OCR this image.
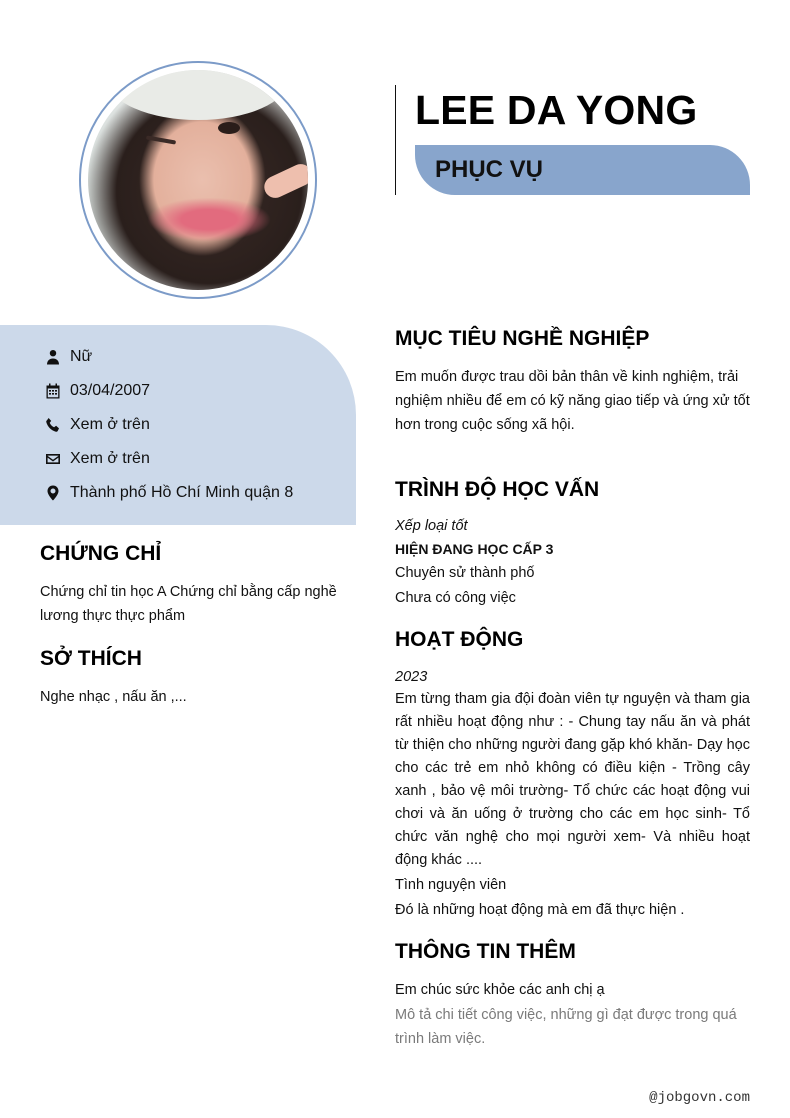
LEE DA YONG
PHỤC VỤ
Nữ
03/04/2007
Xem ở trên
Xem ở trên
Thành phố Hồ Chí Minh quận 8
CHỨNG CHỈ
Chứng chỉ tin học A Chứng chỉ bằng cấp nghề lương thực thực phẩm
SỞ THÍCH
Nghe nhạc , nấu ăn ,...
MỤC TIÊU NGHỀ NGHIỆP
Em muốn được trau dồi bản thân về kinh nghiệm, trải nghiệm nhiều để em có kỹ năng giao tiếp và ứng xử tốt hơn trong cuộc sống xã hội.
TRÌNH ĐỘ HỌC VẤN
Xếp loại tốt
HIỆN ĐANG HỌC CẤP 3
Chuyên sử thành phố
Chưa có công việc
HOẠT ĐỘNG
2023
Em từng tham gia đội đoàn viên tự nguyện và tham gia rất nhiều hoạt động như : - Chung tay nấu ăn và phát từ thiện cho những người đang gặp khó khăn- Dạy học cho các trẻ em nhỏ không có điều kiện - Trồng cây xanh , bảo vệ môi trường- Tổ chức các hoạt động vui chơi và ăn uống ở trường cho các em học sinh- Tổ chức văn nghệ cho mọi người xem- Và nhiều hoạt động khác ....
Tình nguyện viên
Đó là những hoạt động mà em đã thực hiện .
THÔNG TIN THÊM
Em chúc sức khỏe các anh chị ạ
Mô tả chi tiết công việc, những gì đạt được trong quá trình làm việc.
@jobgovn.com
